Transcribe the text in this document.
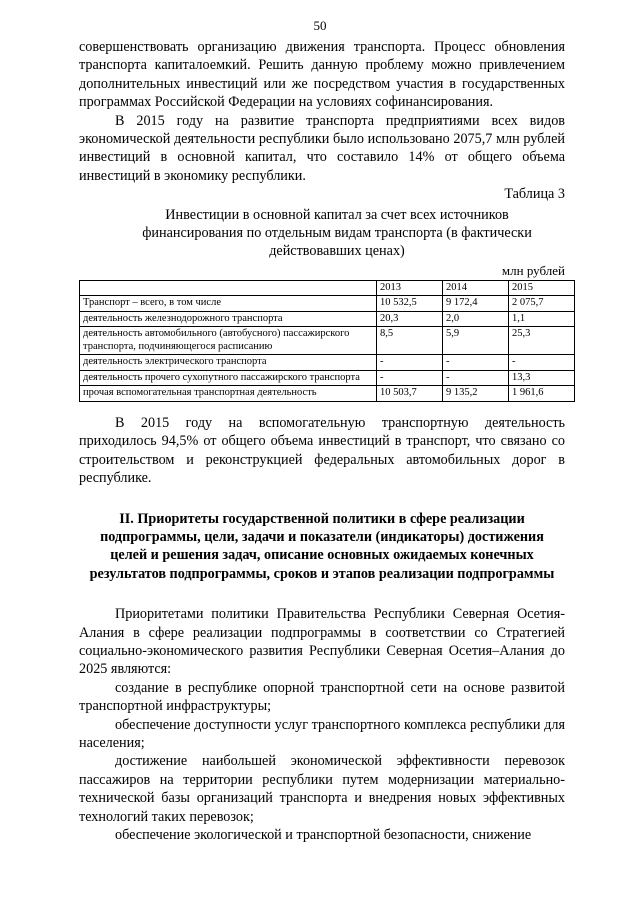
50

совершенствовать организацию движения транспорта. Процесс обновления транспорта капиталоемкий. Решить данную проблему можно привлечением дополнительных инвестиций или же посредством участия в государственных программах Российской Федерации на условиях софинансирования.

В 2015 году на развитие транспорта предприятиями всех видов экономической деятельности республики было использовано 2075,7 млн рублей инвестиций в основной капитал, что составило 14% от общего объема инвестиций в экономику республики.

Таблица 3

Инвестиции в основной капитал за счет всех источников финансирования по отдельным видам транспорта (в фактически действовавших ценах)

млн рублей
	2013	2014	2015
Транспорт – всего, в том числе	10 532,5	9 172,4	2 075,7
деятельность железнодорожного транспорта	20,3	2,0	1,1
деятельность автомобильного (автобусного) пассажирского транспорта, подчиняющегося расписанию	8,5	5,9	25,3
деятельность электрического транспорта	-	-	-
деятельность прочего сухопутного пассажирского транспорта	-	-	13,3
прочая вспомогательная транспортная деятельность	10 503,7	9 135,2	1 961,6

В 2015 году на вспомогательную транспортную деятельность приходилось 94,5% от общего объема инвестиций в транспорт, что связано со строительством и реконструкцией федеральных автомобильных дорог в республике.

II. Приоритеты государственной политики в сфере реализации подпрограммы, цели, задачи и показатели (индикаторы) достижения целей и решения задач, описание основных ожидаемых конечных результатов подпрограммы, сроков и этапов реализации подпрограммы

Приоритетами политики Правительства Республики Северная Осетия-Алания в сфере реализации подпрограммы в соответствии со Стратегией социально-экономического развития Республики Северная Осетия–Алания до 2025 являются:

создание в республике опорной транспортной сети на основе развитой транспортной инфраструктуры;

обеспечение доступности услуг транспортного комплекса республики для населения;

достижение наибольшей экономической эффективности перевозок пассажиров на территории республики путем модернизации материально-технической базы организаций транспорта и внедрения новых эффективных технологий таких перевозок;

обеспечение экологической и транспортной безопасности, снижение
